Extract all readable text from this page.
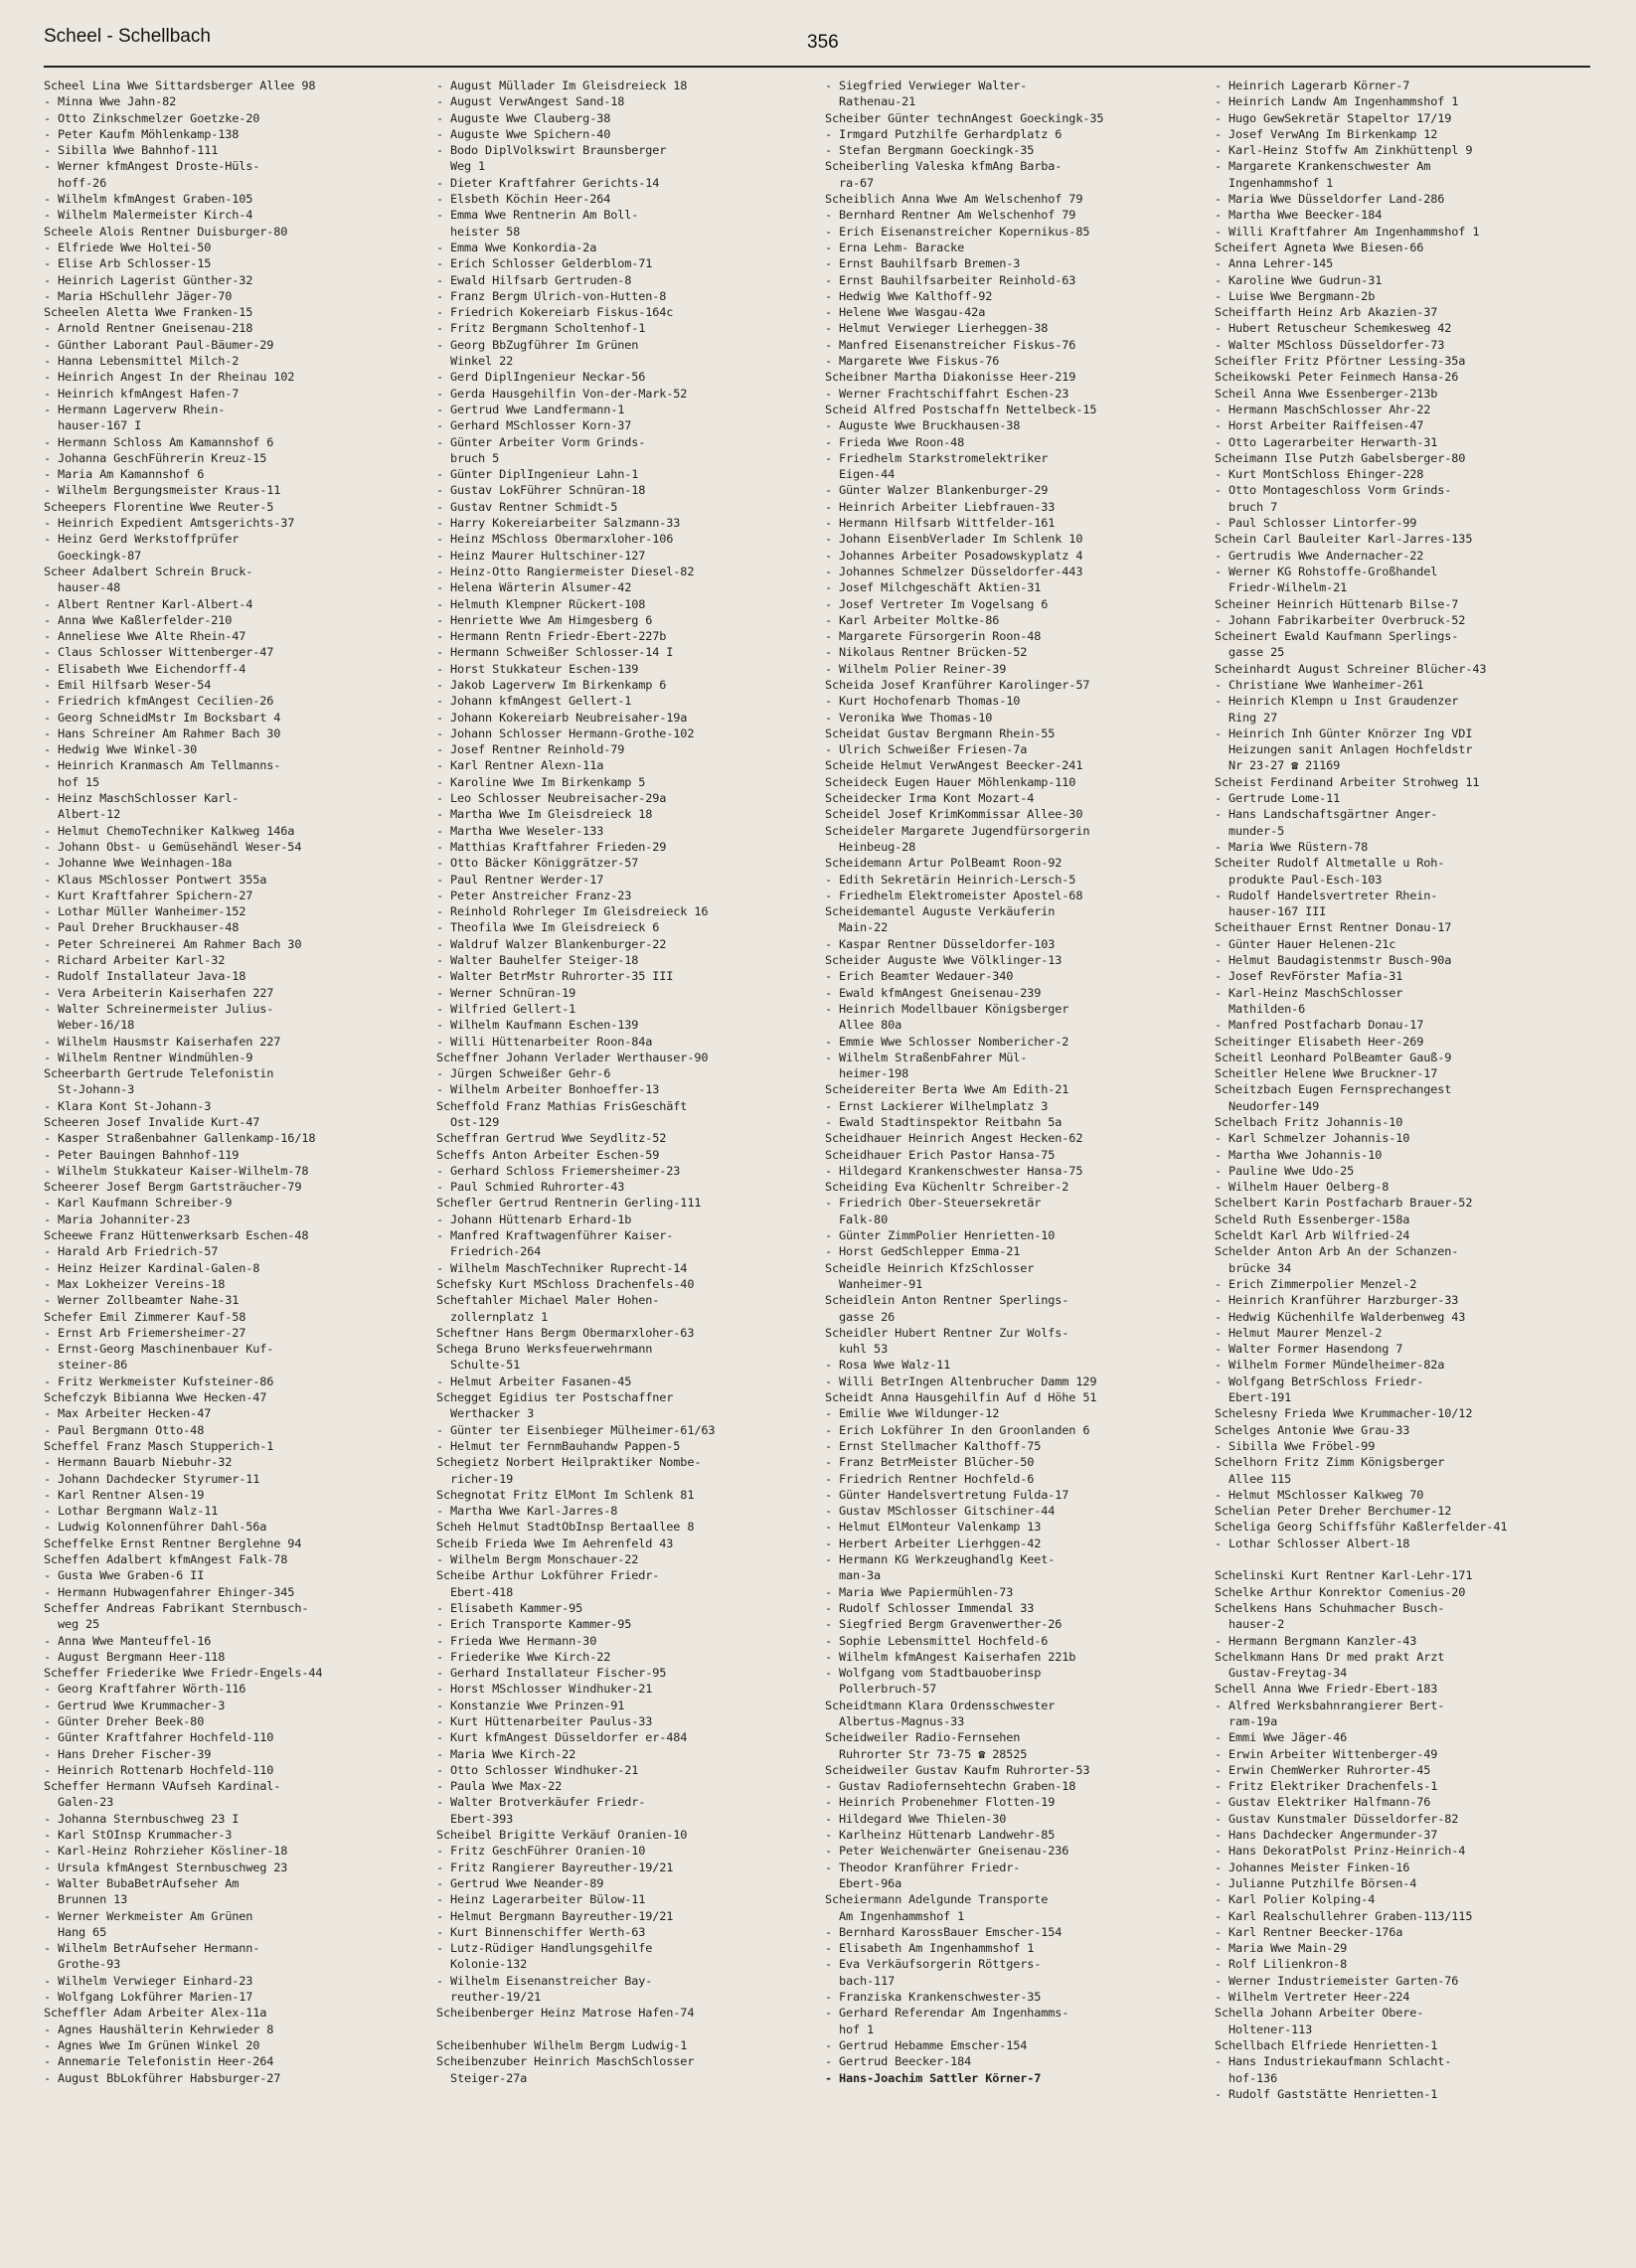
Scheel - Schellbach	356
Scheel Lina Wwe Sittardsberger Allee 98
- Minna Wwe Jahn-82
- Otto Zinkschmelzer Goetzke-20
- Peter Kaufm Möhlenkamp-138
- Sibilla Wwe Bahnhof-111
- Werner kfmAngest Droste-Hüls-
hoff-26
- Wilhelm kfmAngest Graben-105
- Wilhelm Malermeister Kirch-4
Scheele Alois Rentner Duisburger-80
- Elfriede Wwe Holtei-50
- Elise Arb Schlosser-15
- Heinrich Lagerist Günther-32
- Maria HSchullehr Jäger-70
Scheelen Aletta Wwe Franken-15
- Arnold Rentner Gneisenau-218
- Günther Laborant Paul-Bäumer-29
- Hanna Lebensmittel Milch-2
- Heinrich Angest In der Rheinau 102
- Heinrich kfmAngest Hafen-7
- Hermann Lagerverw Rhein-
hauser-167 I
- Hermann Schloss Am Kamannshof 6
- Johanna GeschFührerin Kreuz-15
- Maria Am Kamannshof 6
- Wilhelm Bergungsmeister Kraus-11
Scheepers Florentine Wwe Reuter-5
- Heinrich Expedient Amtsgerichts-37
- Heinz Gerd Werkstoffprüfer
Goeckingk-87
Scheer Adalbert Schrein Bruck-
hauser-48
- Albert Rentner Karl-Albert-4
- Anna Wwe Kaßlerfelder-210
- Anneliese Wwe Alte Rhein-47
- Claus Schlosser Wittenberger-47
- Elisabeth Wwe Eichendorff-4
- Emil Hilfsarb Weser-54
- Friedrich kfmAngest Cecilien-26
- Georg SchneidMstr Im Bocksbart 4
- Hans Schreiner Am Rahmer Bach 30
- Hedwig Wwe Winkel-30
- Heinrich Kranmasch Am Tellmanns-
hof 15
- Heinz MaschSchlosser Karl-
Albert-12
- Helmut ChemoTechniker Kalkweg 146a
- Johann Obst- u Gemüsehändl Weser-54
- Johanne Wwe Weinhagen-18a
- Klaus MSchlosser Pontwert 355a
- Kurt Kraftfahrer Spichern-27
- Lothar Müller Wanheimer-152
- Paul Dreher Bruckhauser-48
- Peter Schreinerei Am Rahmer Bach 30
- Richard Arbeiter Karl-32
- Rudolf Installateur Java-18
- Vera Arbeiterin Kaiserhafen 227
- Walter Schreinermeister Julius-
Weber-16/18
- Wilhelm Hausmstr Kaiserhafen 227
- Wilhelm Rentner Windmühlen-9
Scheerbarth Gertrude Telefonistin
St-Johann-3
- Klara Kont St-Johann-3
Scheeren Josef Invalide Kurt-47
- Kasper Straßenbahner Gallenkamp-16/18
- Peter Bauingen Bahnhof-119
- Wilhelm Stukkateur Kaiser-Wilhelm-78
Scheerer Josef Bergm Gartsträucher-79
- Karl Kaufmann Schreiber-9
- Maria Johanniter-23
Scheewe Franz Hüttenwerksarb Eschen-48
- Harald Arb Friedrich-57
- Heinz Heizer Kardinal-Galen-8
- Max Lokheizer Vereins-18
- Werner Zollbeamter Nahe-31
Schefer Emil Zimmerer Kauf-58
- Ernst Arb Friemersheimer-27
- Ernst-Georg Maschinenbauer Kuf-
steiner-86
- Fritz Werkmeister Kufsteiner-86
Schefczyk Bibianna Wwe Hecken-47
- Max Arbeiter Hecken-47
- Paul Bergmann Otto-48
Scheffel Franz Masch Stupperich-1
- Hermann Bauarb Niebuhr-32
- Johann Dachdecker Styrumer-11
- Karl Rentner Alsen-19
- Lothar Bergmann Walz-11
- Ludwig Kolonnenführer Dahl-56a
Scheffelke Ernst Rentner Berglehne 94
Scheffen Adalbert kfmAngest Falk-78
- Gusta Wwe Graben-6 II
- Hermann Hubwagenfahrer Ehinger-345
Scheffer Andreas Fabrikant Sternbusch-
weg 25
- Anna Wwe Manteuffel-16
- August Bergmann Heer-118
Scheffer Friederike Wwe Friedr-Engels-44
- Georg Kraftfahrer Wörth-116
- Gertrud Wwe Krummacher-3
- Günter Dreher Beek-80
- Günter Kraftfahrer Hochfeld-110
- Hans Dreher Fischer-39
- Heinrich Rottenarb Hochfeld-110
Scheffer Hermann VAufseh Kardinal-
Galen-23
- Johanna Sternbuschweg 23 I
- Karl StOInsp Krummacher-3
- Karl-Heinz Rohrzieher Kösliner-18
- Ursula kfmAngest Sternbuschweg 23
- Walter BubaBetrAufseher Am
Brunnen 13
- Werner Werkmeister Am Grünen
Hang 65
- Wilhelm BetrAufseher Hermann-
Grothe-93
- Wilhelm Verwieger Einhard-23
- Wolfgang Lokführer Marien-17
Scheffler Adam Arbeiter Alex-11a
- Agnes Haushälterin Kehrwieder 8
- Agnes Wwe Im Grünen Winkel 20
- Annemarie Telefonistin Heer-264
- August BbLokführer Habsburger-27
- August Müllader Im Gleisdreieck 18
- August VerwAngest Sand-18
- Auguste Wwe Clauberg-38
- Auguste Wwe Spichern-40
- Bodo DiplVolkswirt Braunsberger
Weg 1
- Dieter Kraftfahrer Gerichts-14
- Elsbeth Köchin Heer-264
- Emma Wwe Rentnerin Am Boll-
heister 58
- Emma Wwe Konkordia-2a
- Erich Schlosser Gelderblom-71
- Ewald Hilfsarb Gertruden-8
- Franz Bergm Ulrich-von-Hutten-8
- Friedrich Kokereiarb Fiskus-164c
- Fritz Bergmann Scholtenhof-1
- Georg BbZugführer Im Grünen
Winkel 22
- Gerd DiplIngenieur Neckar-56
- Gerda Hausgehilfin Von-der-Mark-52
- Gertrud Wwe Landfermann-1
- Gerhard MSchlosser Korn-37
- Günter Arbeiter Vorm Grinds-
bruch 5
- Günter DiplIngenieur Lahn-1
- Gustav LokFührer Schnüran-18
- Gustav Rentner Schmidt-5
- Harry Kokereiarbeiter Salzmann-33
- Heinz MSchloss Obermarxloher-106
- Heinz Maurer Hultschiner-127
- Heinz-Otto Rangiermeister Diesel-82
- Helena Wärterin Alsumer-42
- Helmuth Klempner Rückert-108
- Henriette Wwe Am Himgesberg 6
- Hermann Rentn Friedr-Ebert-227b
- Hermann Schweißer Schlosser-14 I
- Horst Stukkateur Eschen-139
- Jakob Lagerverw Im Birkenkamp 6
- Johann kfmAngest Gellert-1
- Johann Kokereiarb Neubreisaher-19a
- Johann Schlosser Hermann-Grothe-102
- Josef Rentner Reinhold-79
- Karl Rentner Alexn-11a
- Karoline Wwe Im Birkenkamp 5
- Leo Schlosser Neubreisacher-29a
- Martha Wwe Im Gleisdreieck 18
- Martha Wwe Weseler-133
- Matthias Kraftfahrer Frieden-29
- Otto Bäcker Königgrätzer-57
- Paul Rentner Werder-17
- Peter Anstreicher Franz-23
- Reinhold Rohrleger Im Gleisdreieck 16
- Theofila Wwe Im Gleisdreieck 6
- Waldruf Walzer Blankenburger-22
- Walter Bauhelfer Steiger-18
- Walter BetrMstr Ruhrorter-35 III
- Werner Schnüran-19
- Wilfried Gellert-1
- Wilhelm Kaufmann Eschen-139
- Willi Hüttenarbeiter Roon-84a
Scheffner Johann Verlader Werthauser-90
- Jürgen Schweißer Gehr-6
- Wilhelm Arbeiter Bonhoeffer-13
Scheffold Franz Mathias FrisGeschäft
Ost-129
Scheffran Gertrud Wwe Seydlitz-52
Scheffs Anton Arbeiter Eschen-59
- Gerhard Schloss Friemersheimer-23
- Paul Schmied Ruhrorter-43
Schefler Gertrud Rentnerin Gerling-111
- Johann Hüttenarb Erhard-1b
- Manfred Kraftwagenführer Kaiser-
Friedrich-264
- Wilhelm MaschTechniker Ruprecht-14
Schefsky Kurt MSchloss Drachenfels-40
Scheftahler Michael Maler Hohen-
zollernplatz 1
Scheftner Hans Bergm Obermarxloher-63
Schega Bruno Werksfeuerwehrmann
Schulte-51
- Helmut Arbeiter Fasanen-45
Schegget Egidius ter Postschaffner
Werthacker 3
- Günter ter Eisenbieger Mülheimer-61/63
- Helmut ter FernmBauhandw Pappen-5
Schegietz Norbert Heilpraktiker Nombe-
richer-19
Schegnotat Fritz ElMont Im Schlenk 81
- Martha Wwe Karl-Jarres-8
Scheh Helmut StadtObInsp Bertaallee 8
Scheib Frieda Wwe Im Aehrenfeld 43
- Wilhelm Bergm Monschauer-22
Scheibe Arthur Lokführer Friedr-
Ebert-418
- Elisabeth Kammer-95
- Erich Transporte Kammer-95
- Frieda Wwe Hermann-30
- Friederike Wwe Kirch-22
- Gerhard Installateur Fischer-95
- Horst MSchlosser Windhuker-21
- Konstanzie Wwe Prinzen-91
- Kurt Hüttenarbeiter Paulus-33
- Kurt kfmAngest Düsseldorfer er-484
- Maria Wwe Kirch-22
- Otto Schlosser Windhuker-21
- Paula Wwe Max-22
- Walter Brotverkäufer Friedr-
Ebert-393
Scheibel Brigitte Verkäuf Oranien-10
- Fritz GeschFührer Oranien-10
- Fritz Rangierer Bayreuther-19/21
- Gertrud Wwe Neander-89
- Heinz Lagerarbeiter Bülow-11
- Helmut Bergmann Bayreuther-19/21
- Kurt Binnenschiffer Werth-63
- Lutz-Rüdiger Handlungsgehilfe
Kolonie-132
- Wilhelm Eisenanstreicher Bay-
reuther-19/21
Scheibenberger Heinz Matrose Hafen-74

Scheibenhuber Wilhelm Bergm Ludwig-1
Scheibenzuber Heinrich MaschSchlosser
Steiger-27a
- Siegfried Verwieger Walter-
Rathenau-21
Scheiber Günter technAngest Goeckingk-35
- Irmgard Putzhilfe Gerhardplatz 6
- Stefan Bergmann Goeckingk-35
Scheiberling Valeska kfmAng Barba-
ra-67
Scheiblich Anna Wwe Am Welschenhof 79
- Bernhard Rentner Am Welschenhof 79
- Erich Eisenanstreicher Kopernikus-85
- Erna Lehm- Baracke
- Ernst Bauhilfsarb Bremen-3
- Ernst Bauhilfsarbeiter Reinhold-63
- Hedwig Wwe Kalthoff-92
- Helene Wwe Wasgau-42a
- Helmut Verwieger Lierheggen-38
- Manfred Eisenanstreicher Fiskus-76
- Margarete Wwe Fiskus-76
Scheibner Martha Diakonisse Heer-219
- Werner Frachtschiffahrt Eschen-23
Scheid Alfred Postschaffn Nettelbeck-15
- Auguste Wwe Bruckhausen-38
- Frieda Wwe Roon-48
- Friedhelm Starkstromelektriker
Eigen-44
- Günter Walzer Blankenburger-29
- Heinrich Arbeiter Liebfrauen-33
- Hermann Hilfsarb Wittfelder-161
- Johann EisenbVerlader Im Schlenk 10
- Johannes Arbeiter Posadowskyplatz 4
- Johannes Schmelzer Düsseldorfer-443
- Josef Milchgeschäft Aktien-31
- Josef Vertreter Im Vogelsang 6
- Karl Arbeiter Moltke-86
- Margarete Fürsorgerin Roon-48
- Nikolaus Rentner Brücken-52
- Wilhelm Polier Reiner-39
Scheida Josef Kranführer Karolinger-57
- Kurt Hochofenarb Thomas-10
- Veronika Wwe Thomas-10
Scheidat Gustav Bergmann Rhein-55
- Ulrich Schweißer Friesen-7a
Scheide Helmut VerwAngest Beecker-241
Scheideck Eugen Hauer Möhlenkamp-110
Scheidecker Irma Kont Mozart-4
Scheidel Josef KrimKommissar Allee-30
Scheideler Margarete Jugendfürsorgerin
Heinbeug-28
Scheidemann Artur PolBeamt Roon-92
- Edith Sekretärin Heinrich-Lersch-5
- Friedhelm Elektromeister Apostel-68
Scheidemantel Auguste Verkäuferin
Main-22
- Kaspar Rentner Düsseldorfer-103
Scheider Auguste Wwe Völklinger-13
- Erich Beamter Wedauer-340
- Ewald kfmAngest Gneisenau-239
- Heinrich Modellbauer Königsberger
Allee 80a
- Emmie Wwe Schlosser Nombericher-2
- Wilhelm StraßenbFahrer Mül-
heimer-198
Scheidereiter Berta Wwe Am Edith-21
- Ernst Lackierer Wilhelmplatz 3
- Ewald Stadtinspektor Reitbahn 5a
Scheidhauer Heinrich Angest Hecken-62
Scheidhauer Erich Pastor Hansa-75
- Hildegard Krankenschwester Hansa-75
Scheiding Eva Küchenltr Schreiber-2
- Friedrich Ober-Steuersekretär
Falk-80
- Günter ZimmPolier Henrietten-10
- Horst GedSchlepper Emma-21
Scheidle Heinrich KfzSchlosser
Wanheimer-91
Scheidlein Anton Rentner Sperlings-
gasse 26
Scheidler Hubert Rentner Zur Wolfs-
kuhl 53
- Rosa Wwe Walz-11
- Willi BetrIngen Altenbrucher Damm 129
Scheidt Anna Hausgehilfin Auf d Höhe 51
- Emilie Wwe Wildunger-12
- Erich Lokführer In den Groonlanden 6
- Ernst Stellmacher Kalthoff-75
- Franz BetrMeister Blücher-50
- Friedrich Rentner Hochfeld-6
- Günter Handelsvertretung Fulda-17
- Gustav MSchlosser Gitschiner-44
- Helmut ElMonteur Valenkamp 13
- Herbert Arbeiter Lierhggen-42
- Hermann KG Werkzeughandlg Keet-
man-3a
- Maria Wwe Papiermühlen-73
- Rudolf Schlosser Immendal 33
- Siegfried Bergm Gravenwerther-26
- Sophie Lebensmittel Hochfeld-6
- Wilhelm kfmAngest Kaiserhafen 221b
- Wolfgang vom Stadtbauoberinsp
Pollerbruch-57
Scheidtmann Klara Ordensschwester
Albertus-Magnus-33
Scheidweiler Radio-Fernsehen
Ruhrorter Str 73-75 ☎ 28525
Scheidweiler Gustav Kaufm Ruhrorter-53
- Gustav Radiofernsehtechn Graben-18
- Heinrich Probenehmer Flotten-19
- Hildegard Wwe Thielen-30
- Karlheinz Hüttenarb Landwehr-85
- Peter Weichenwärter Gneisenau-236
- Theodor Kranführer Friedr-
Ebert-96a
Scheiermann Adelgunde Transporte
Am Ingenhammshof 1
- Bernhard KarossBauer Emscher-154
- Elisabeth Am Ingenhammshof 1
- Eva Verkäufsorgerin Röttgers-
bach-117
- Franziska Krankenschwester-35
- Gerhard Referendar Am Ingenhamms-
hof 1
- Gertrud Hebamme Emscher-154
- Gertrud Beecker-184
- Hans-Joachim Sattler Körner-7
- Heinrich Lagerarb Körner-7
- Heinrich Landw Am Ingenhammshof 1
- Hugo GewSekretär Stapeltor 17/19
- Josef VerwAng Im Birkenkamp 12
- Karl-Heinz Stoffw Am Zinkhüttenpl 9
- Margarete Krankenschwester Am
Ingenhammshof 1
- Maria Wwe Düsseldorfer Land-286
- Martha Wwe Beecker-184
- Willi Kraftfahrer Am Ingenhammshof 1
Scheifert Agneta Wwe Biesen-66
- Anna Lehrer-145
- Karoline Wwe Gudrun-31
- Luise Wwe Bergmann-2b
Scheiffarth Heinz Arb Akazien-37
- Hubert Retuscheur Schemkesweg 42
- Walter MSchloss Düsseldorfer-73
Scheifler Fritz Pförtner Lessing-35a
Scheikowski Peter Feinmech Hansa-26
Scheil Anna Wwe Essenberger-213b
- Hermann MaschSchlosser Ahr-22
- Horst Arbeiter Raiffeisen-47
- Otto Lagerarbeiter Herwarth-31
Scheimann Ilse Putzh Gabelsberger-80
- Kurt MontSchloss Ehinger-228
- Otto Montageschloss Vorm Grinds-
bruch 7
- Paul Schlosser Lintorfer-99
Schein Carl Bauleiter Karl-Jarres-135
- Gertrudis Wwe Andernacher-22
- Werner KG Rohstoffe-Großhandel
Friedr-Wilhelm-21
Scheiner Heinrich Hüttenarb Bilse-7
- Johann Fabrikarbeiter Overbruck-52
Scheinert Ewald Kaufmann Sperlings-
gasse 25
Scheinhardt August Schreiner Blücher-43
- Christiane Wwe Wanheimer-261
- Heinrich Klempn u Inst Graudenzer
Ring 27
- Heinrich Inh Günter Knörzer Ing VDI
Heizungen sanit Anlagen Hochfeldstr
Nr 23-27 ☎ 21169
Scheist Ferdinand Arbeiter Strohweg 11
- Gertrude Lome-11
- Hans Landschaftsgärtner Anger-
munder-5
- Maria Wwe Rüstern-78
Scheiter Rudolf Altmetalle u Roh-
produkte Paul-Esch-103
- Rudolf Handelsvertreter Rhein-
hauser-167 III
Scheithauer Ernst Rentner Donau-17
- Günter Hauer Helenen-21c
- Helmut Baudagistenmstr Busch-90a
- Josef RevFörster Mafia-31
- Karl-Heinz MaschSchlosser
Mathilden-6
- Manfred Postfacharb Donau-17
Scheitinger Elisabeth Heer-269
Scheitl Leonhard PolBeamter Gauß-9
Scheitler Helene Wwe Bruckner-17
Scheitzbach Eugen Fernsprechangest
Neudorfer-149
Schelbach Fritz Johannis-10
- Karl Schmelzer Johannis-10
- Martha Wwe Johannis-10
- Pauline Wwe Udo-25
- Wilhelm Hauer Oelberg-8
Schelbert Karin Postfacharb Brauer-52
Scheld Ruth Essenberger-158a
Scheldt Karl Arb Wilfried-24
Schelder Anton Arb An der Schanzen-
brücke 34
- Erich Zimmerpolier Menzel-2
- Heinrich Kranführer Harzburger-33
- Hedwig Küchenhilfe Walderbenweg 43
- Helmut Maurer Menzel-2
- Walter Former Hasendong 7
- Wilhelm Former Mündelheimer-82a
- Wolfgang BetrSchloss Friedr-
Ebert-191
Schelesny Frieda Wwe Krummacher-10/12
Schelges Antonie Wwe Grau-33
- Sibilla Wwe Fröbel-99
Schelhorn Fritz Zimm Königsberger
Allee 115
- Helmut MSchlosser Kalkweg 70
Schelian Peter Dreher Berchumer-12
Scheliga Georg Schiffsführ Kaßlerfelder-41
- Lothar Schlosser Albert-18

Schelinski Kurt Rentner Karl-Lehr-171
Schelke Arthur Konrektor Comenius-20
Schelkens Hans Schuhmacher Busch-
hauser-2
- Hermann Bergmann Kanzler-43
Schelkmann Hans Dr med prakt Arzt
Gustav-Freytag-34
Schell Anna Wwe Friedr-Ebert-183
- Alfred Werksbahnrangierer Bert-
ram-19a
- Emmi Wwe Jäger-46
- Erwin Arbeiter Wittenberger-49
- Erwin ChemWerker Ruhrorter-45
- Fritz Elektriker Drachenfels-1
- Gustav Elektriker Halfmann-76
- Gustav Kunstmaler Düsseldorfer-82
- Hans Dachdecker Angermunder-37
- Hans DekoratPolst Prinz-Heinrich-4
- Johannes Meister Finken-16
- Julianne Putzhilfe Börsen-4
- Karl Polier Kolping-4
- Karl Realschullehrer Graben-113/115
- Karl Rentner Beecker-176a
- Maria Wwe Main-29
- Rolf Lilienkron-8
- Werner Industriemeister Garten-76
- Wilhelm Vertreter Heer-224
Schella Johann Arbeiter Obere-
Holtener-113
Schellbach Elfriede Henrietten-1
- Hans Industriekaufmann Schlacht-
hof-136
- Rudolf Gaststätte Henrietten-1
